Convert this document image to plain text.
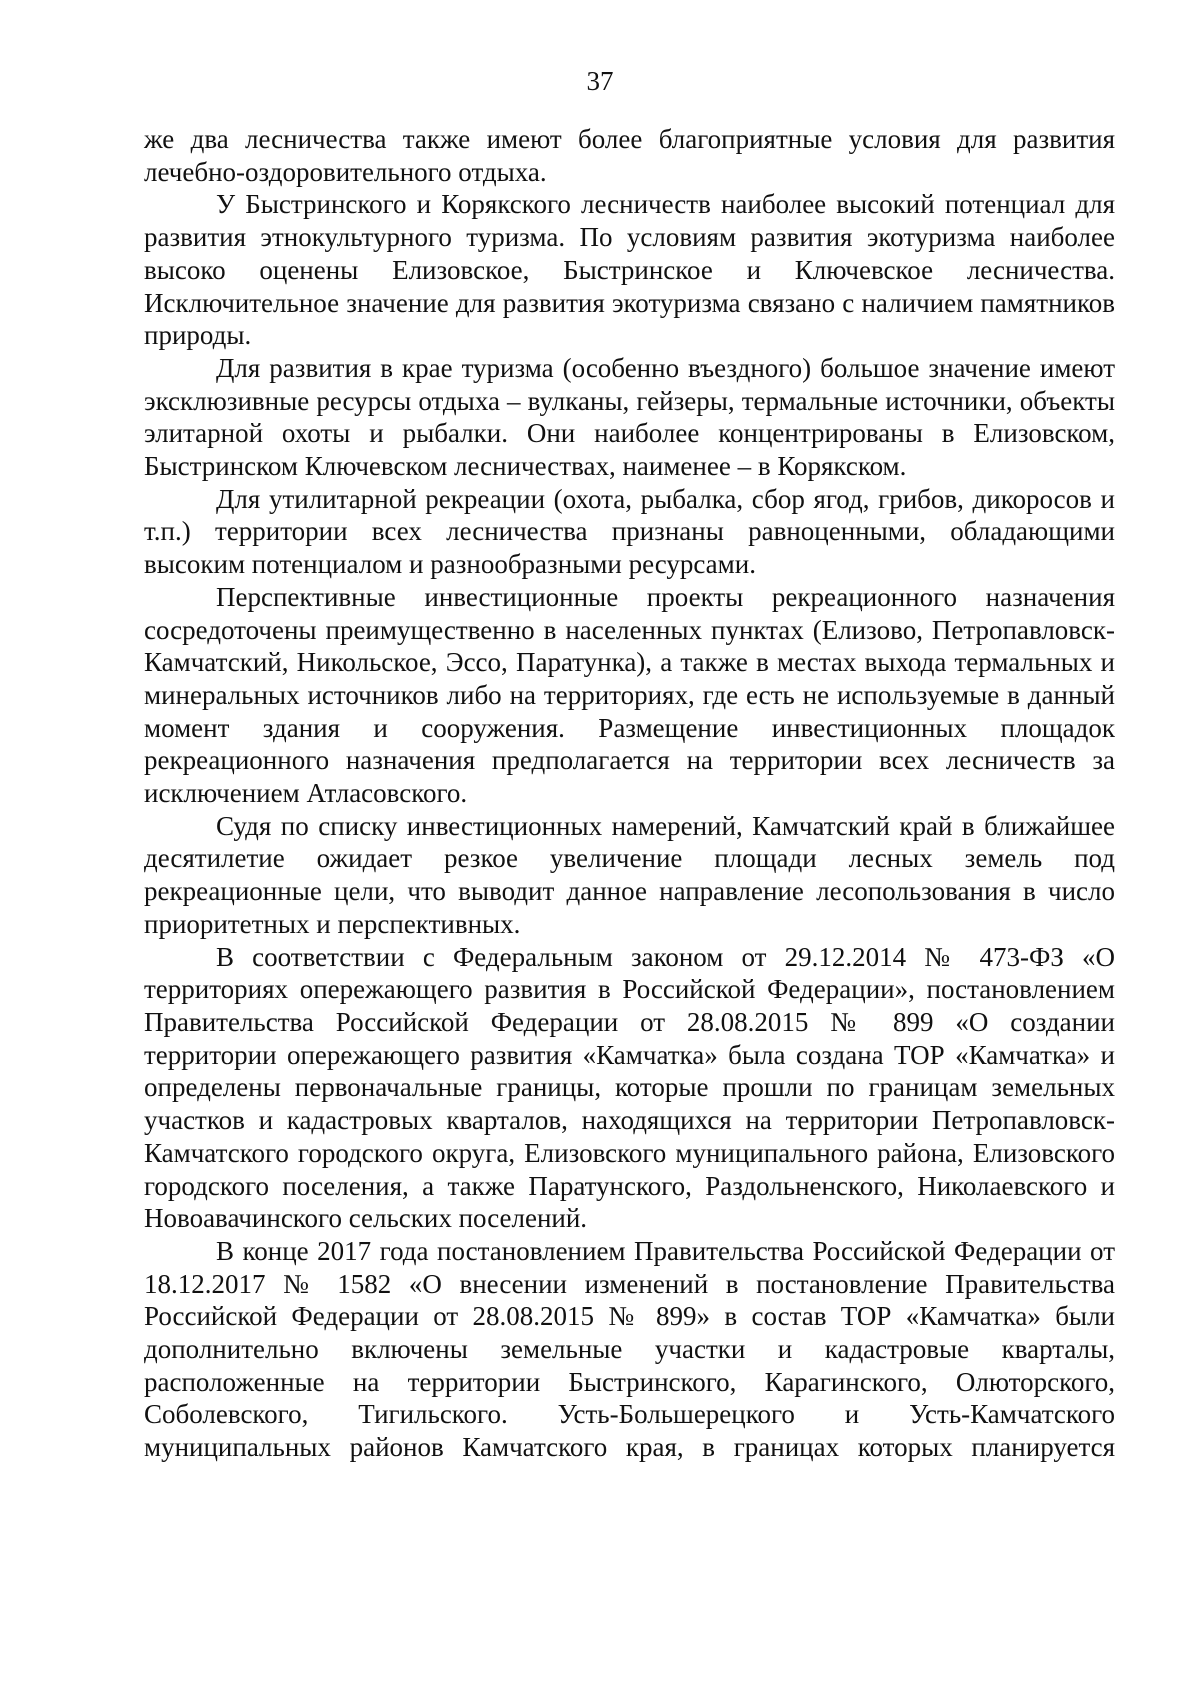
37

же два лесничества также имеют более благоприятные условия для развития лечебно-оздоровительного отдыха.

У Быстринского и Корякского лесничеств наиболее высокий потенциал для развития этнокультурного туризма. По условиям развития экотуризма наиболее высоко оценены Елизовское, Быстринское и Ключевское лесничества. Исключительное значение для развития экотуризма связано с наличием памятников природы.

Для развития в крае туризма (особенно въездного) большое значение имеют эксклюзивные ресурсы отдыха – вулканы, гейзеры, термальные источники, объекты элитарной охоты и рыбалки. Они наиболее концентрированы в Елизовском, Быстринском Ключевском лесничествах, наименее – в Корякском.

Для утилитарной рекреации (охота, рыбалка, сбор ягод, грибов, дикоросов и т.п.) территории всех лесничества признаны равноценными, обладающими высоким потенциалом и разнообразными ресурсами.

Перспективные инвестиционные проекты рекреационного назначения сосредоточены преимущественно в населенных пунктах (Елизово, Петропавловск-Камчатский, Никольское, Эссо, Паратунка), а также в местах выхода термальных и минеральных источников либо на территориях, где есть не используемые в данный момент здания и сооружения. Размещение инвестиционных площадок рекреационного назначения предполагается на территории всех лесничеств за исключением Атласовского.

Судя по списку инвестиционных намерений, Камчатский край в ближайшее десятилетие ожидает резкое увеличение площади лесных земель под рекреационные цели, что выводит данное направление лесопользования в число приоритетных и перспективных.

В соответствии с Федеральным законом от 29.12.2014 № 473-ФЗ «О территориях опережающего развития в Российской Федерации», постановлением Правительства Российской Федерации от 28.08.2015 № 899 «О создании территории опережающего развития «Камчатка» была создана ТОР «Камчатка» и определены первоначальные границы, которые прошли по границам земельных участков и кадастровых кварталов, находящихся на территории Петропавловск-Камчатского городского округа, Елизовского муниципального района, Елизовского городского поселения, а также Паратунского, Раздольненского, Николаевского и Новоавачинского сельских поселений.

В конце 2017 года постановлением Правительства Российской Федерации от 18.12.2017 № 1582 «О внесении изменений в постановление Правительства Российской Федерации от 28.08.2015 № 899» в состав ТОР «Камчатка» были дополнительно включены земельные участки и кадастровые кварталы, расположенные на территории Быстринского, Карагинского, Олюторского, Соболевского, Тигильского. Усть-Большерецкого и Усть-Камчатского муниципальных районов Камчатского края, в границах которых планируется
